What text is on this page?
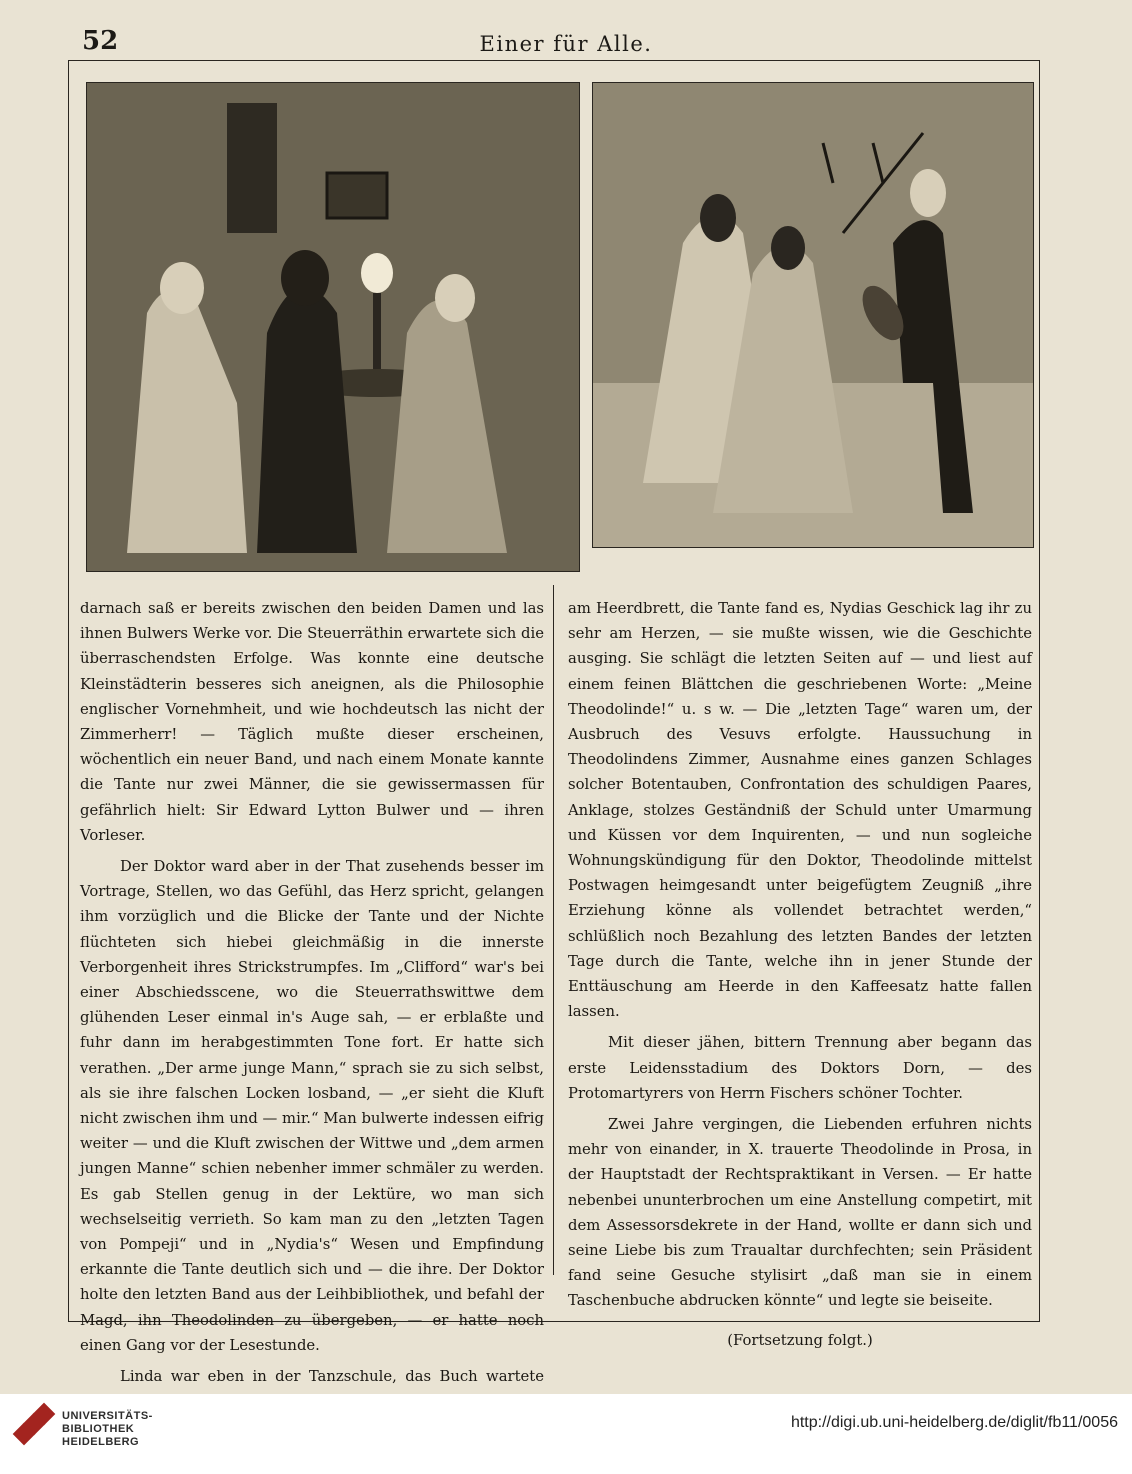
52	Einer für Alle.

darnach saß er bereits zwischen den beiden Damen und las ihnen Bulwers Werke vor. Die Steuerräthin erwartete sich die überraschendsten Erfolge. Was konnte eine deutsche Kleinstädterin besseres sich aneignen, als die Philosophie englischer Vornehmheit, und wie hochdeutsch las nicht der Zimmerherr! — Täglich mußte dieser erscheinen, wöchentlich ein neuer Band, und nach einem Monate kannte die Tante nur zwei Männer, die sie gewissermassen für gefährlich hielt: Sir Edward Lytton Bulwer und — ihren Vorleser.

Der Doktor ward aber in der That zusehends besser im Vortrage, Stellen, wo das Gefühl, das Herz spricht, gelangen ihm vorzüglich und die Blicke der Tante und der Nichte flüchteten sich hiebei gleichmäßig in die innerste Verborgenheit ihres Strickstrumpfes. Im „Clifford“ war's bei einer Abschiedsscene, wo die Steuerrathswittwe dem glühenden Leser einmal in's Auge sah, — er erblaßte und fuhr dann im herabgestimmten Tone fort. Er hatte sich verathen. „Der arme junge Mann,“ sprach sie zu sich selbst, als sie ihre falschen Locken losband, — „er sieht die Kluft nicht zwischen ihm und — mir.“ Man bulwerte indessen eifrig weiter — und die Kluft zwischen der Wittwe und „dem armen jungen Manne“ schien nebenher immer schmäler zu werden. Es gab Stellen genug in der Lektüre, wo man sich wechselseitig verrieth. So kam man zu den „letzten Tagen von Pompeji“ und in „Nydia's“ Wesen und Empfindung erkannte die Tante deutlich sich und — die ihre. Der Doktor holte den letzten Band aus der Leihbibliothek, und befahl der Magd, ihn Theodolinden zu übergeben, — er hatte noch einen Gang vor der Lesestunde.

Linda war eben in der Tanzschule, das Buch wartete

am Heerdbrett, die Tante fand es, Nydias Geschick lag ihr zu sehr am Herzen, — sie mußte wissen, wie die Geschichte ausging. Sie schlägt die letzten Seiten auf — und liest auf einem feinen Blättchen die geschriebenen Worte: „Meine Theodolinde!“ u. s w. — Die „letzten Tage“ waren um, der Ausbruch des Vesuvs erfolgte. Haussuchung in Theodolindens Zimmer, Ausnahme eines ganzen Schlages solcher Botentauben, Confrontation des schuldigen Paares, Anklage, stolzes Geständniß der Schuld unter Umarmung und Küssen vor dem Inquirenten, — und nun sogleiche Wohnungskündigung für den Doktor, Theodolinde mittelst Postwagen heimgesandt unter beigefügtem Zeugniß „ihre Erziehung könne als vollendet betrachtet werden,“ schlüßlich noch Bezahlung des letzten Bandes der letzten Tage durch die Tante, welche ihn in jener Stunde der Enttäuschung am Heerde in den Kaffeesatz hatte fallen lassen.

Mit dieser jähen, bittern Trennung aber begann das erste Leidensstadium des Doktors Dorn, — des Protomartyrers von Herrn Fischers schöner Tochter.

Zwei Jahre vergingen, die Liebenden erfuhren nichts mehr von einander, in X. trauerte Theodolinde in Prosa, in der Hauptstadt der Rechtspraktikant in Versen. — Er hatte nebenbei ununterbrochen um eine Anstellung competirt, mit dem Assessorsdekrete in der Hand, wollte er dann sich und seine Liebe bis zum Traualtar durchfechten; sein Präsident fand seine Gesuche stylisirt „daß man sie in einem Taschenbuche abdrucken könnte“ und legte sie beiseite.

(Fortsetzung folgt.)

UNIVERSITÄTS-
BIBLIOTHEK
HEIDELBERG
http://digi.ub.uni-heidelberg.de/diglit/fb11/0056
